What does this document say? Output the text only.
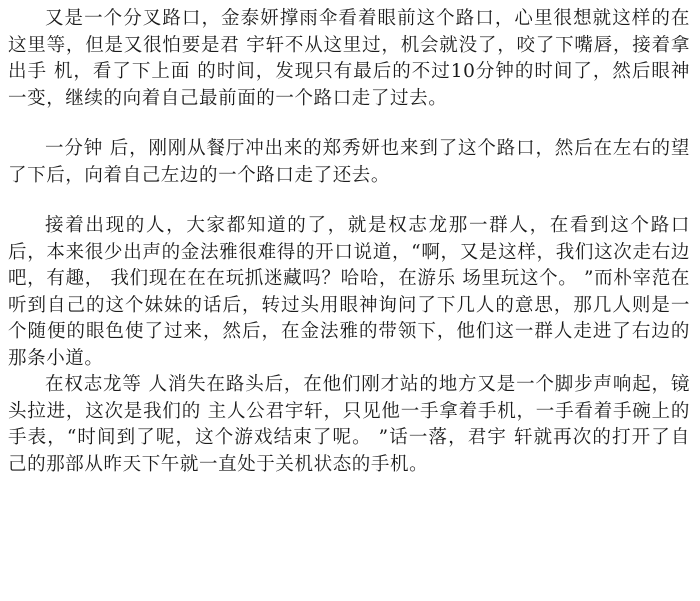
又是一个分叉路口，金泰妍撑雨伞看着眼前这个路口，心里很想就这样的在这里等，但是又很怕要是君 宇轩不从这里过，机会就没了，咬了下嘴唇，接着拿出手 机，看了下上面 的时间，发现只有最后的不过10分钟的时间了，然后眼神一变，继续的向着自己最前面的一个路口走了过去。

一分钟 后，刚刚从餐厅冲出来的郑秀妍也来到了这个路口，然后在左右的望了下后，向着自己左边的一个路口走了还去。

接着出现的人，大家都知道的了，就是权志龙那一群人，在看到这个路口后，本来很少出声的金法雅很难得的开口说道，“啊，又是这样，我们这次走右边吧，有趣， 我们现在在在玩抓迷藏吗？哈哈，在游乐 场里玩这个。 ”而朴宰范在听到自己的这个妹妹的话后，转过头用眼神询问了下几人的意思，那几人则是一个随便的眼色使了过来，然后，在金法雅的带领下，他们这一群人走进了右边的那条小道。

在权志龙等 人消失在路头后，在他们刚才站的地方又是一个脚步声响起，镜头拉进，这次是我们的 主人公君宇轩，只见他一手拿着手机，一手看着手碗上的手表，“时间到了呢，这个游戏结束了呢。 ”话一落，君宇 轩就再次的打开了自己的那部从昨天下午就一直处于关机状态的手机。
